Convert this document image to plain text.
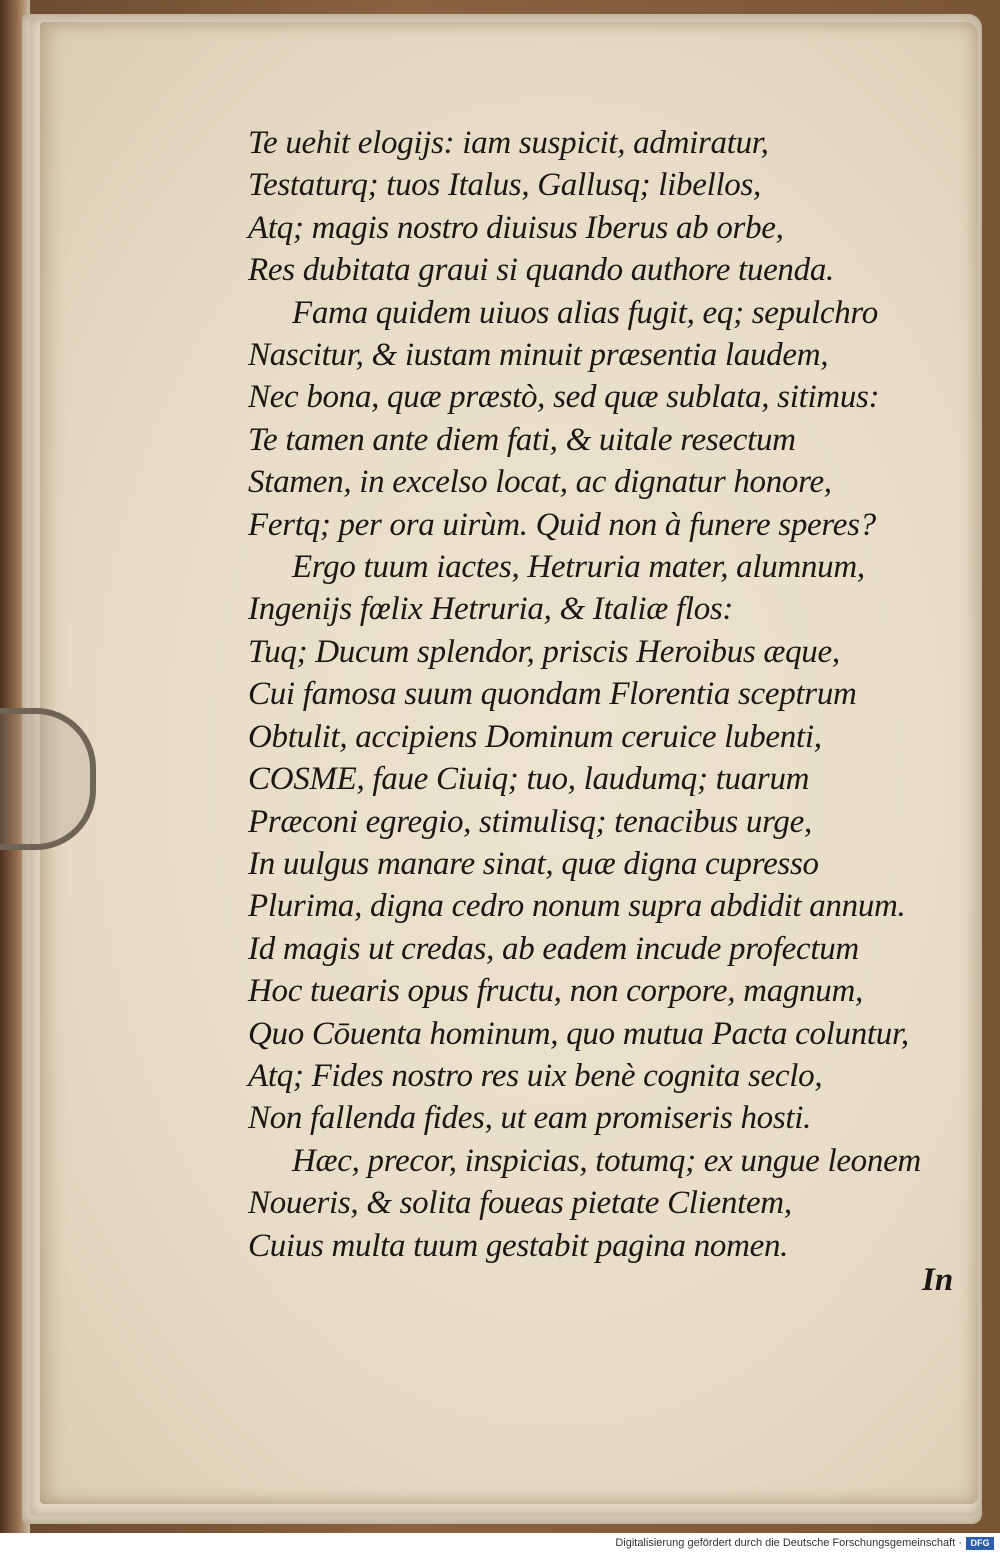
Te uehit elogijs: iam suspicit, admiratur,
Testaturq; tuos Italus, Gallusq; libellos,
Atq; magis nostro diuisus Iberus ab orbe,
Res dubitata graui si quando authore tuenda.
Fama quidem uiuos alias fugit, eq; sepulchro
Nascitur, & iustam minuit præsentia laudem,
Nec bona, quæ præstò, sed quæ sublata, sitimus:
Te tamen ante diem fati, & uitale resectum
Stamen, in excelso locat, ac dignatur honore,
Fertq; per ora uirùm. Quid non à funere speres?
Ergo tuum iactes, Hetruria mater, alumnum,
Ingenijs fœlix Hetruria, & Italiæ flos:
Tuq; Ducum splendor, priscis Heroibus æque,
Cui famosa suum quondam Florentia sceptrum
Obtulit, accipiens Dominum ceruice lubenti,
COSME, faue Ciuiq; tuo, laudumq; tuarum
Præconi egregio, stimulisq; tenacibus urge,
In uulgus manare sinat, quæ digna cupresso
Plurima, digna cedro nonum supra abdidit annum.
Id magis ut credas, ab eadem incude profectum
Hoc tuearis opus fructu, non corpore, magnum,
Quo Cōuenta hominum, quo mutua Pacta coluntur,
Atq; Fides nostro res uix benè cognita seclo,
Non fallenda fides, ut eam promiseris hosti.
Hæc, precor, inspicias, totumq; ex ungue leonem
Noueris, & solita foueas pietate Clientem,
Cuius multa tuum gestabit pagina nomen.
In
Digitalisierung gefördert durch die Deutsche Forschungsgemeinschaft · DFG
